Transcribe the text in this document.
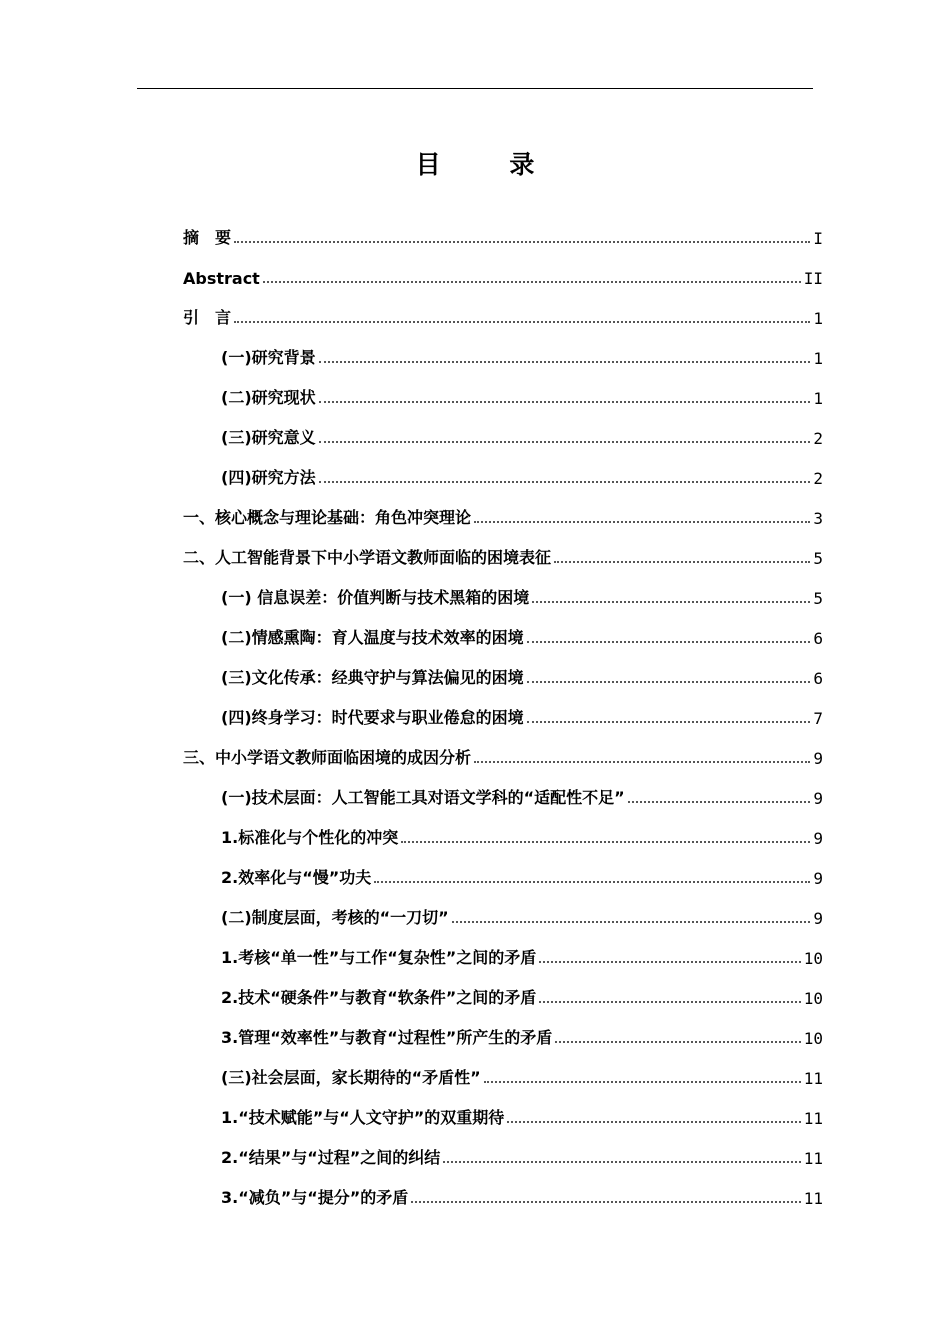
目 录
摘　要	I
Abstract	II
引　言	1
(一)研究背景	1
(二)研究现状	1
(三)研究意义	2
(四)研究方法	2
一、核心概念与理论基础：角色冲突理论	3
二、人工智能背景下中小学语文教师面临的困境表征	5
(一) 信息误差：价值判断与技术黑箱的困境	5
(二)情感熏陶：育人温度与技术效率的困境	6
(三)文化传承：经典守护与算法偏见的困境	6
(四)终身学习：时代要求与职业倦怠的困境	7
三、中小学语文教师面临困境的成因分析	9
(一)技术层面：人工智能工具对语文学科的“适配性不足”	9
1.标准化与个性化的冲突	9
2.效率化与“慢”功夫	9
(二)制度层面，考核的“一刀切”	9
1.考核“单一性”与工作“复杂性”之间的矛盾	10
2.技术“硬条件”与教育“软条件”之间的矛盾	10
3.管理“效率性”与教育“过程性”所产生的矛盾	10
(三)社会层面，家长期待的“矛盾性”	11
1.“技术赋能”与“人文守护”的双重期待	11
2.“结果”与“过程”之间的纠结	11
3.“减负”与“提分”的矛盾	11
